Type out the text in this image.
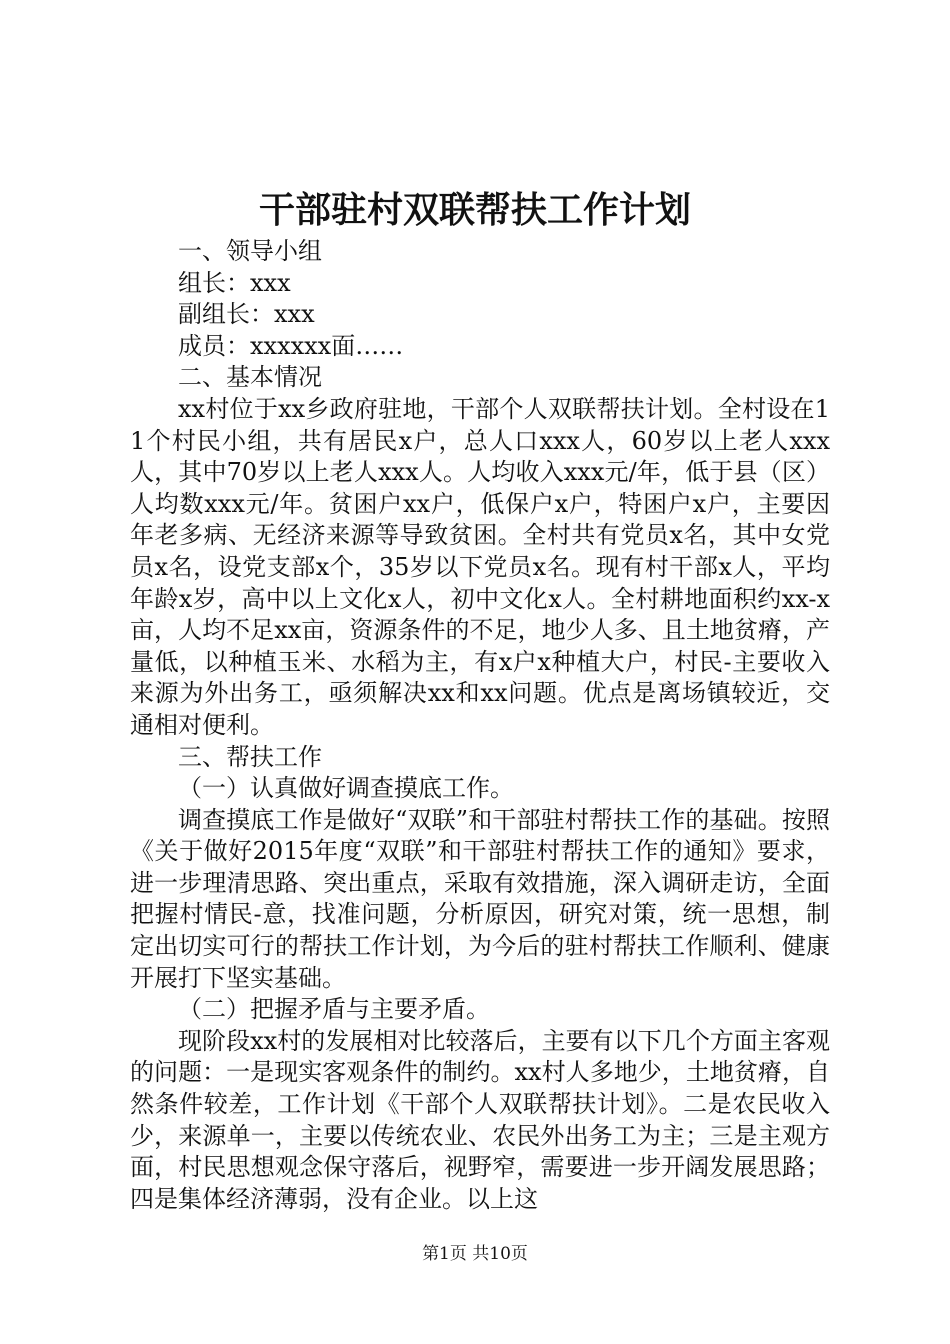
干部驻村双联帮扶工作计划
一、领导小组
组长：xxx
副组长：xxx
成员：xxxxxx面……
二、基本情况
xx村位于xx乡政府驻地，干部个人双联帮扶计划。全村设在11个村民小组，共有居民x户，总人口xxx人，60岁以上老人xxx人，其中70岁以上老人xxx人。人均收入xxx元/年，低于县（区）人均数xxx元/年。贫困户xx户，低保户x户，特困户x户，主要因年老多病、无经济来源等导致贫困。全村共有党员x名，其中女党员x名，设党支部x个，35岁以下党员x名。现有村干部x人，平均年龄x岁，高中以上文化x人，初中文化x人。全村耕地面积约xx-x亩，人均不足xx亩，资源条件的不足，地少人多、且土地贫瘠，产量低，以种植玉米、水稻为主，有x户x种植大户，村民-主要收入来源为外出务工，亟须解决xx和xx问题。优点是离场镇较近，交通相对便利。
三、帮扶工作
（一）认真做好调查摸底工作。
调查摸底工作是做好“双联”和干部驻村帮扶工作的基础。按照《关于做好2015年度“双联”和干部驻村帮扶工作的通知》要求，进一步理清思路、突出重点，采取有效措施，深入调研走访，全面把握村情民-意，找准问题，分析原因，研究对策，统一思想，制定出切实可行的帮扶工作计划，为今后的驻村帮扶工作顺利、健康开展打下坚实基础。
（二）把握矛盾与主要矛盾。
现阶段xx村的发展相对比较落后，主要有以下几个方面主客观的问题：一是现实客观条件的制约。xx村人多地少，土地贫瘠，自然条件较差，工作计划《干部个人双联帮扶计划》。二是农民收入少，来源单一，主要以传统农业、农民外出务工为主；三是主观方面，村民思想观念保守落后，视野窄，需要进一步开阔发展思路；四是集体经济薄弱，没有企业。以上这
第1页 共10页
